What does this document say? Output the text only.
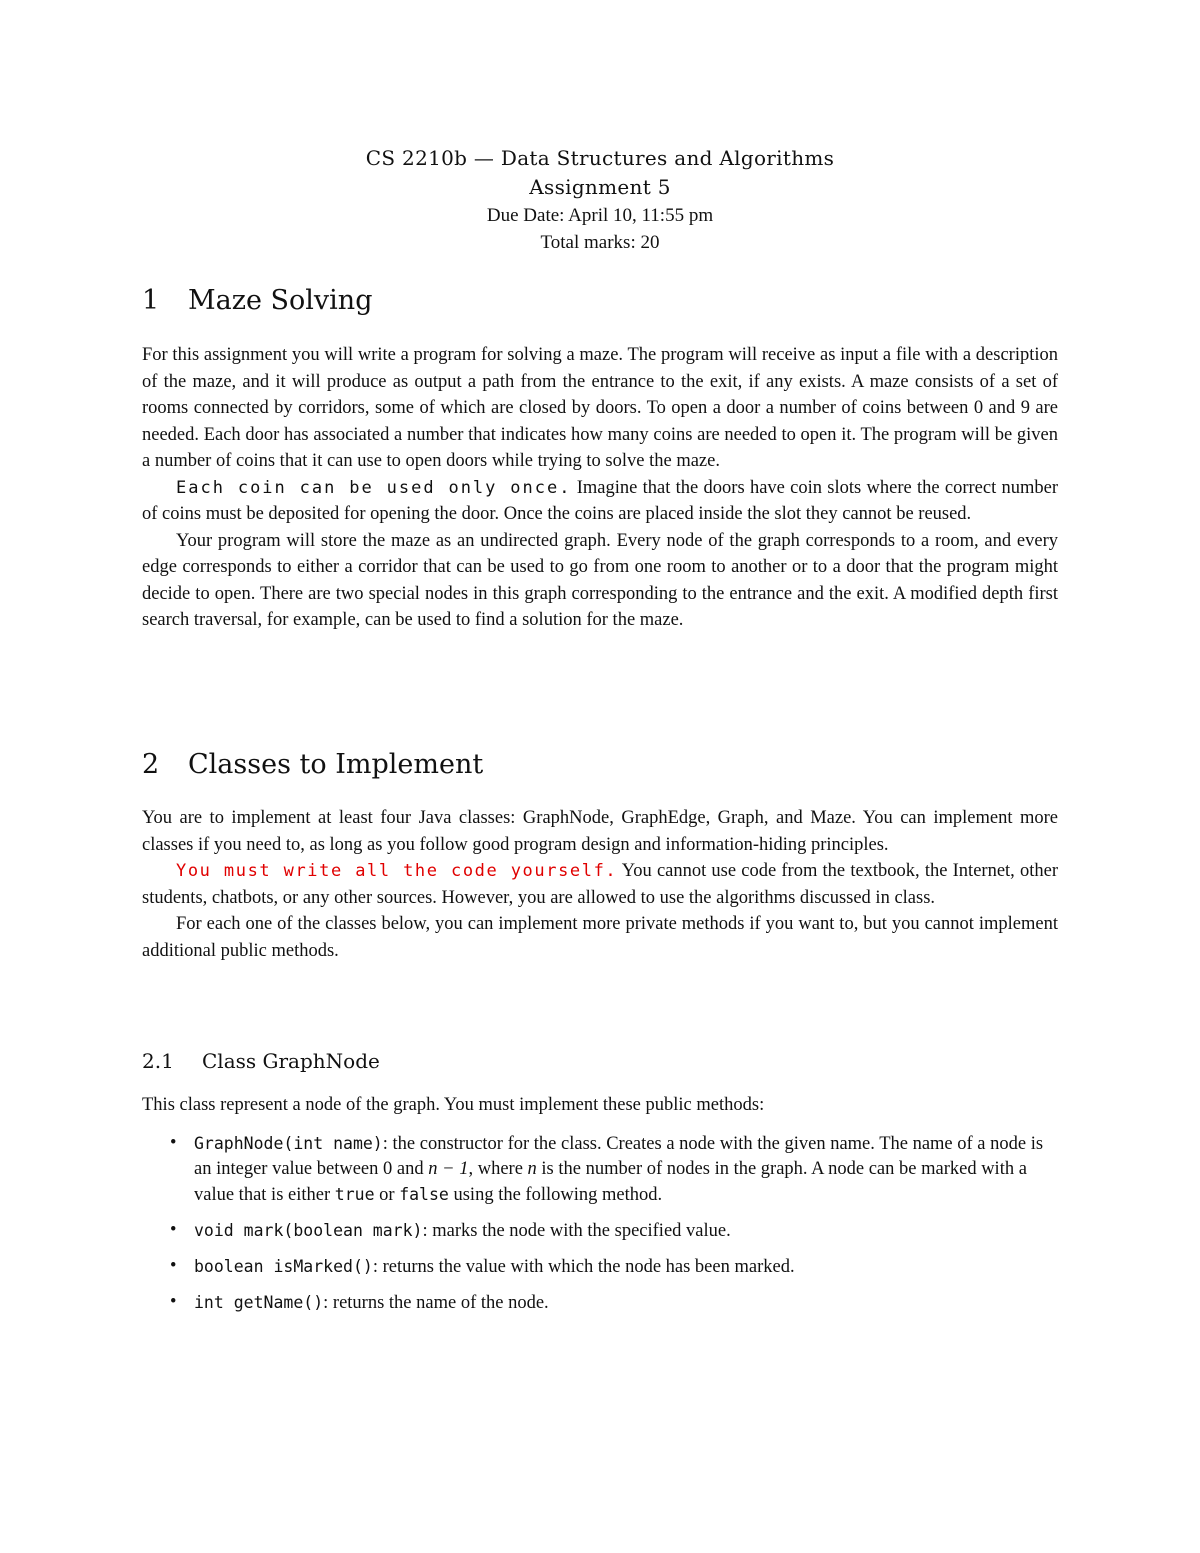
CS 2210b — Data Structures and Algorithms
Assignment 5
Due Date: April 10, 11:55 pm
Total marks: 20
1 Maze Solving

For this assignment you will write a program for solving a maze. The program will receive as input a file with a description of the maze, and it will produce as output a path from the entrance to the exit, if any exists. A maze consists of a set of rooms connected by corridors, some of which are closed by doors. To open a door a number of coins between 0 and 9 are needed. Each door has associated a number that indicates how many coins are needed to open it. The program will be given a number of coins that it can use to open doors while trying to solve the maze.

Each coin can be used only once. Imagine that the doors have coin slots where the correct number of coins must be deposited for opening the door. Once the coins are placed inside the slot they cannot be reused.

Your program will store the maze as an undirected graph. Every node of the graph corresponds to a room, and every edge corresponds to either a corridor that can be used to go from one room to another or to a door that the program might decide to open. There are two special nodes in this graph corresponding to the entrance and the exit. A modified depth first search traversal, for example, can be used to find a solution for the maze.

2 Classes to Implement

You are to implement at least four Java classes: GraphNode, GraphEdge, Graph, and Maze. You can implement more classes if you need to, as long as you follow good program design and information-hiding principles.

You must write all the code yourself. You cannot use code from the textbook, the Internet, other students, chatbots, or any other sources. However, you are allowed to use the algorithms discussed in class.

For each one of the classes below, you can implement more private methods if you want to, but you cannot implement additional public methods.

2.1 Class GraphNode

This class represent a node of the graph. You must implement these public methods:

• GraphNode(int name): the constructor for the class. Creates a node with the given name. The name of a node is an integer value between 0 and n − 1, where n is the number of nodes in the graph. A node can be marked with a value that is either true or false using the following method.
• void mark(boolean mark): marks the node with the specified value.
• boolean isMarked(): returns the value with which the node has been marked.
• int getName(): returns the name of the node.
